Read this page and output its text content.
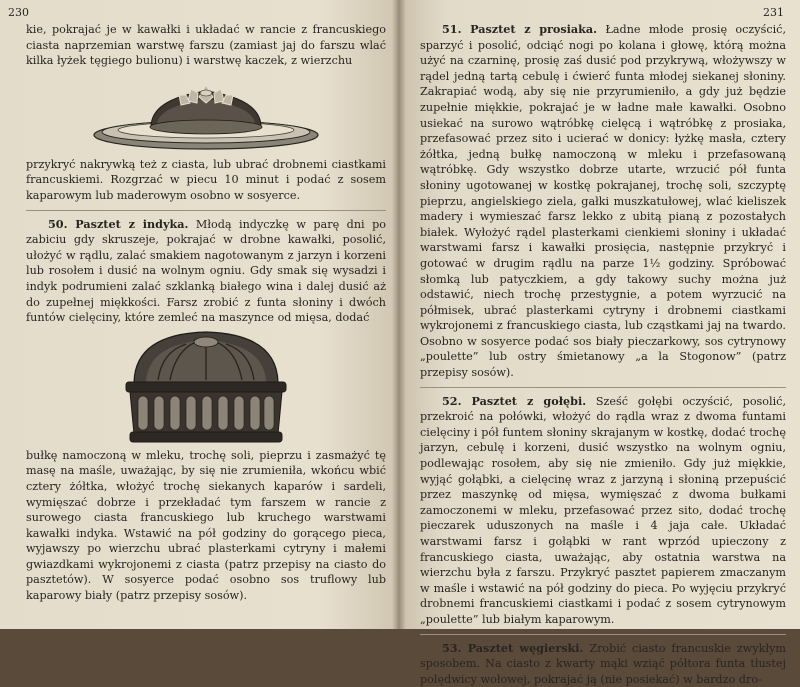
230

kie, pokrajać je w kawałki i układać w rancie z francuskiego ciasta naprzemian warstwę farszu (zamiast jaj do farszu wlać kilka łyżek tęgiego bulionu) i warstwę kaczek, z wierzchu

przykryć nakrywką też z ciasta, lub ubrać drobnemi ciastkami francuskiemi. Rozgrzać w piecu 10 minut i podać z sosem kaparowym lub maderowym osobno w sosyerce.

50. Pasztet z indyka. Młodą indyczkę w parę dni po zabiciu gdy skruszeje, pokrajać w drobne kawałki, posolić, ułożyć w rądlu, zalać smakiem nagotowanym z jarzyn i korzeni lub rosołem i dusić na wolnym ogniu. Gdy smak się wysadzi i indyk podrumieni zalać szklanką białego wina i dalej dusić aż do zupełnej miękkości. Farsz zrobić z funta słoniny i dwóch funtów cielęciny, które zemleć na maszynce od mięsa, dodać

bułkę namoczoną w mleku, trochę soli, pieprzu i zasmażyć tę masę na maśle, uważając, by się nie zrumieniła, wkońcu wbić cztery żółtka, włożyć trochę siekanych kaparów i sardeli, wymięszać dobrze i przekładać tym farszem w rancie z surowego ciasta francuskiego lub kruchego warstwami kawałki indyka. Wstawić na pół godziny do gorącego pieca, wyjawszy po wierzchu ubrać plasterkami cytryny i małemi gwiazdkami wykrojonemi z ciasta (patrz przepisy na ciasto do pasztetów). W sosyerce podać osobno sos truflowy lub kaparowy biały (patrz przepisy sosów).

231

51. Pasztet z prosiaka. Ładne młode prosię oczyścić, sparzyć i posolić, odciąć nogi po kolana i głowę, którą można użyć na czarninę, prosię zaś dusić pod przykrywą, włożywszy w rądel jedną tartą cebulę i ćwierć funta młodej siekanej słoniny. Zakrapiać wodą, aby się nie przyrumieniło, a gdy już będzie zupełnie miękkie, pokrajać je w ładne małe kawałki. Osobno usiekać na surowo wątróbkę cielęcą i wątróbkę z prosiaka, przefasować przez sito i ucierać w donicy: łyżkę masła, cztery żółtka, jedną bułkę namoczoną w mleku i przefasowaną wątróbkę. Gdy wszystko dobrze utarte, wrzucić pół funta słoniny ugotowanej w kostkę pokrajanej, trochę soli, szczyptę pieprzu, angielskiego ziela, gałki muszkatułowej, wlać kieliszek madery i wymieszać farsz lekko z ubitą pianą z pozostałych białek. Wyłożyć rądel plasterkami cienkiemi słoniny i układać warstwami farsz i kawałki prosięcia, następnie przykryć i gotować w drugim rądlu na parze 1½ godziny. Spróbować słomką lub patyczkiem, a gdy takowy suchy można już odstawić, niech trochę przestygnie, a potem wyrzucić na półmisek, ubrać plasterkami cytryny i drobnemi ciastkami wykrojonemi z francuskiego ciasta, lub cząstkami jaj na twardo. Osobno w sosyerce podać sos biały pieczarkowy, sos cytrynowy „poulette” lub ostry śmietanowy „a la Stogonow” (patrz przepisy sosów).

52. Pasztet z gołębi. Sześć gołębi oczyścić, posolić, przekroić na połówki, włożyć do rądla wraz z dwoma funtami cielęciny i pół funtem słoniny skrajanym w kostkę, dodać trochę jarzyn, cebulę i korzeni, dusić wszystko na wolnym ogniu, podlewając rosołem, aby się nie zmieniło. Gdy już miękkie, wyjąć gołąbki, a cielęcinę wraz z jarzyną i słoniną przepuścić przez maszynkę od mięsa, wymięszać z dwoma bułkami zamoczonemi w mleku, przefasować przez sito, dodać trochę pieczarek uduszonych na maśle i 4 jaja całe. Układać warstwami farsz i gołąbki w rant wprzód upieczony z francuskiego ciasta, uważając, aby ostatnia warstwa na wierzchu była z farszu. Przykryć pasztet papierem zmaczanym w maśle i wstawić na pół godziny do pieca. Po wyjęciu przykryć drobnemi francuskiemi ciastkami i podać z sosem cytrynowym „poulette” lub białym kaparowym.

53. Pasztet węgierski. Zrobić ciasto francuskie zwykłym sposobem. Na ciasto z kwarty mąki wziąć półtora funta tłustej polędwicy wołowej, pokrajać ją (nie posiekać) w bardzo dro-
